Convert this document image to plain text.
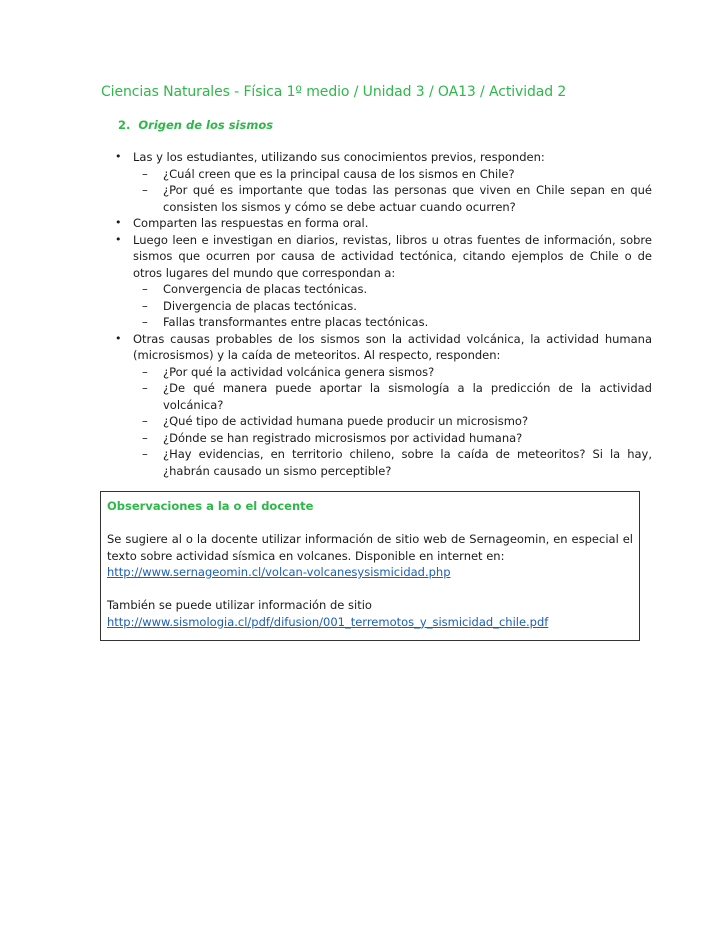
Ciencias Naturales - Física 1º medio / Unidad 3 / OA13 / Actividad 2
2. Origen de los sismos
• Las y los estudiantes, utilizando sus conocimientos previos, responden:
– ¿Cuál creen que es la principal causa de los sismos en Chile?
– ¿Por qué es importante que todas las personas que viven en Chile sepan en qué consisten los sismos y cómo se debe actuar cuando ocurren?
• Comparten las respuestas en forma oral.
• Luego leen e investigan en diarios, revistas, libros u otras fuentes de información, sobre sismos que ocurren por causa de actividad tectónica, citando ejemplos de Chile o de otros lugares del mundo que correspondan a:
– Convergencia de placas tectónicas.
– Divergencia de placas tectónicas.
– Fallas transformantes entre placas tectónicas.
• Otras causas probables de los sismos son la actividad volcánica, la actividad humana (microsismos) y la caída de meteoritos. Al respecto, responden:
– ¿Por qué la actividad volcánica genera sismos?
– ¿De qué manera puede aportar la sismología a la predicción de la actividad volcánica?
– ¿Qué tipo de actividad humana puede producir un microsismo?
– ¿Dónde se han registrado microsismos por actividad humana?
– ¿Hay evidencias, en territorio chileno, sobre la caída de meteoritos? Si la hay, ¿habrán causado un sismo perceptible?
Observaciones a la o el docente

Se sugiere al o la docente utilizar información de sitio web de Sernageomin, en especial el texto sobre actividad sísmica en volcanes. Disponible en internet en:

http://www.sernageomin.cl/volcan-volcanesysismicidad.php

También se puede utilizar información de sitio

http://www.sismologia.cl/pdf/difusion/001_terremotos_y_sismicidad_chile.pdf
